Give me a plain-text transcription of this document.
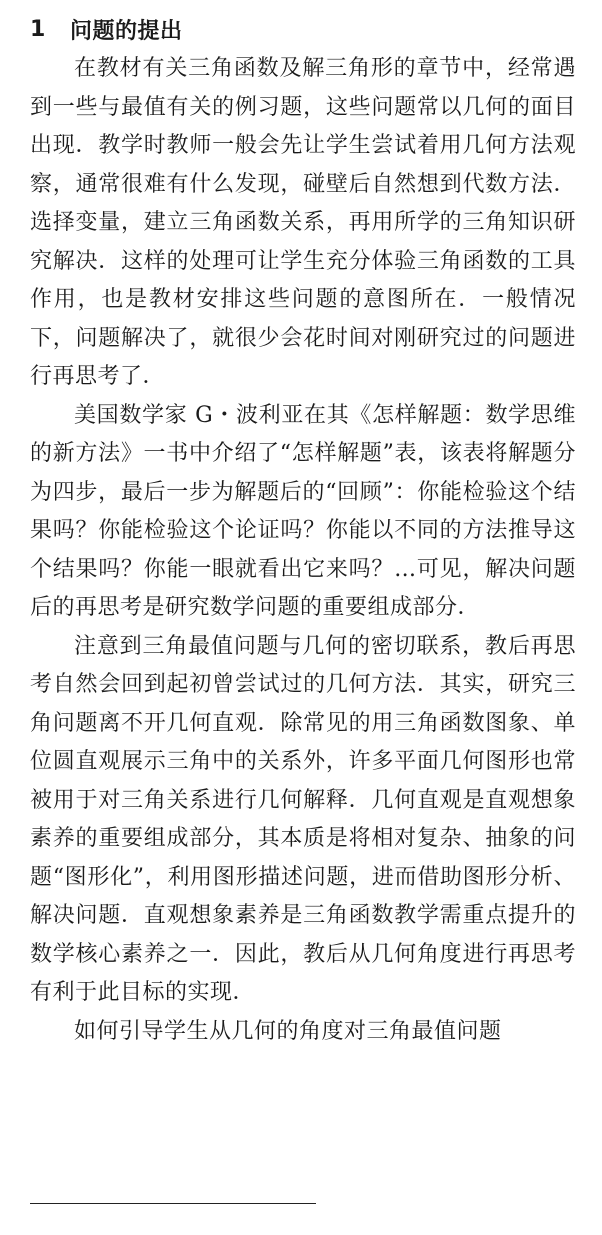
1	问题的提出

在教材有关三角函数及解三角形的章节中，经常遇到一些与最值有关的例习题，这些问题常以几何的面目出现．教学时教师一般会先让学生尝试着用几何方法观察，通常很难有什么发现，碰壁后自然想到代数方法．选择变量，建立三角函数关系，再用所学的三角知识研究解决．这样的处理可让学生充分体验三角函数的工具作用，也是教材安排这些问题的意图所在．一般情况下，问题解决了，就很少会花时间对刚研究过的问题进行再思考了．

美国数学家 G・波利亚在其《怎样解题：数学思维的新方法》一书中介绍了“怎样解题”表，该表将解题分为四步，最后一步为解题后的“回顾”：你能检验这个结果吗？你能检验这个论证吗？你能以不同的方法推导这个结果吗？你能一眼就看出它来吗？…可见，解决问题后的再思考是研究数学问题的重要组成部分．

注意到三角最值问题与几何的密切联系，教后再思考自然会回到起初曾尝试过的几何方法．其实，研究三角问题离不开几何直观．除常见的用三角函数图象、单位圆直观展示三角中的关系外，许多平面几何图形也常被用于对三角关系进行几何解释．几何直观是直观想象素养的重要组成部分，其本质是将相对复杂、抽象的问题“图形化”，利用图形描述问题，进而借助图形分析、解决问题．直观想象素养是三角函数教学需重点提升的数学核心素养之一．因此，教后从几何角度进行再思考有利于此目标的实现．

如何引导学生从几何的角度对三角最值问题
